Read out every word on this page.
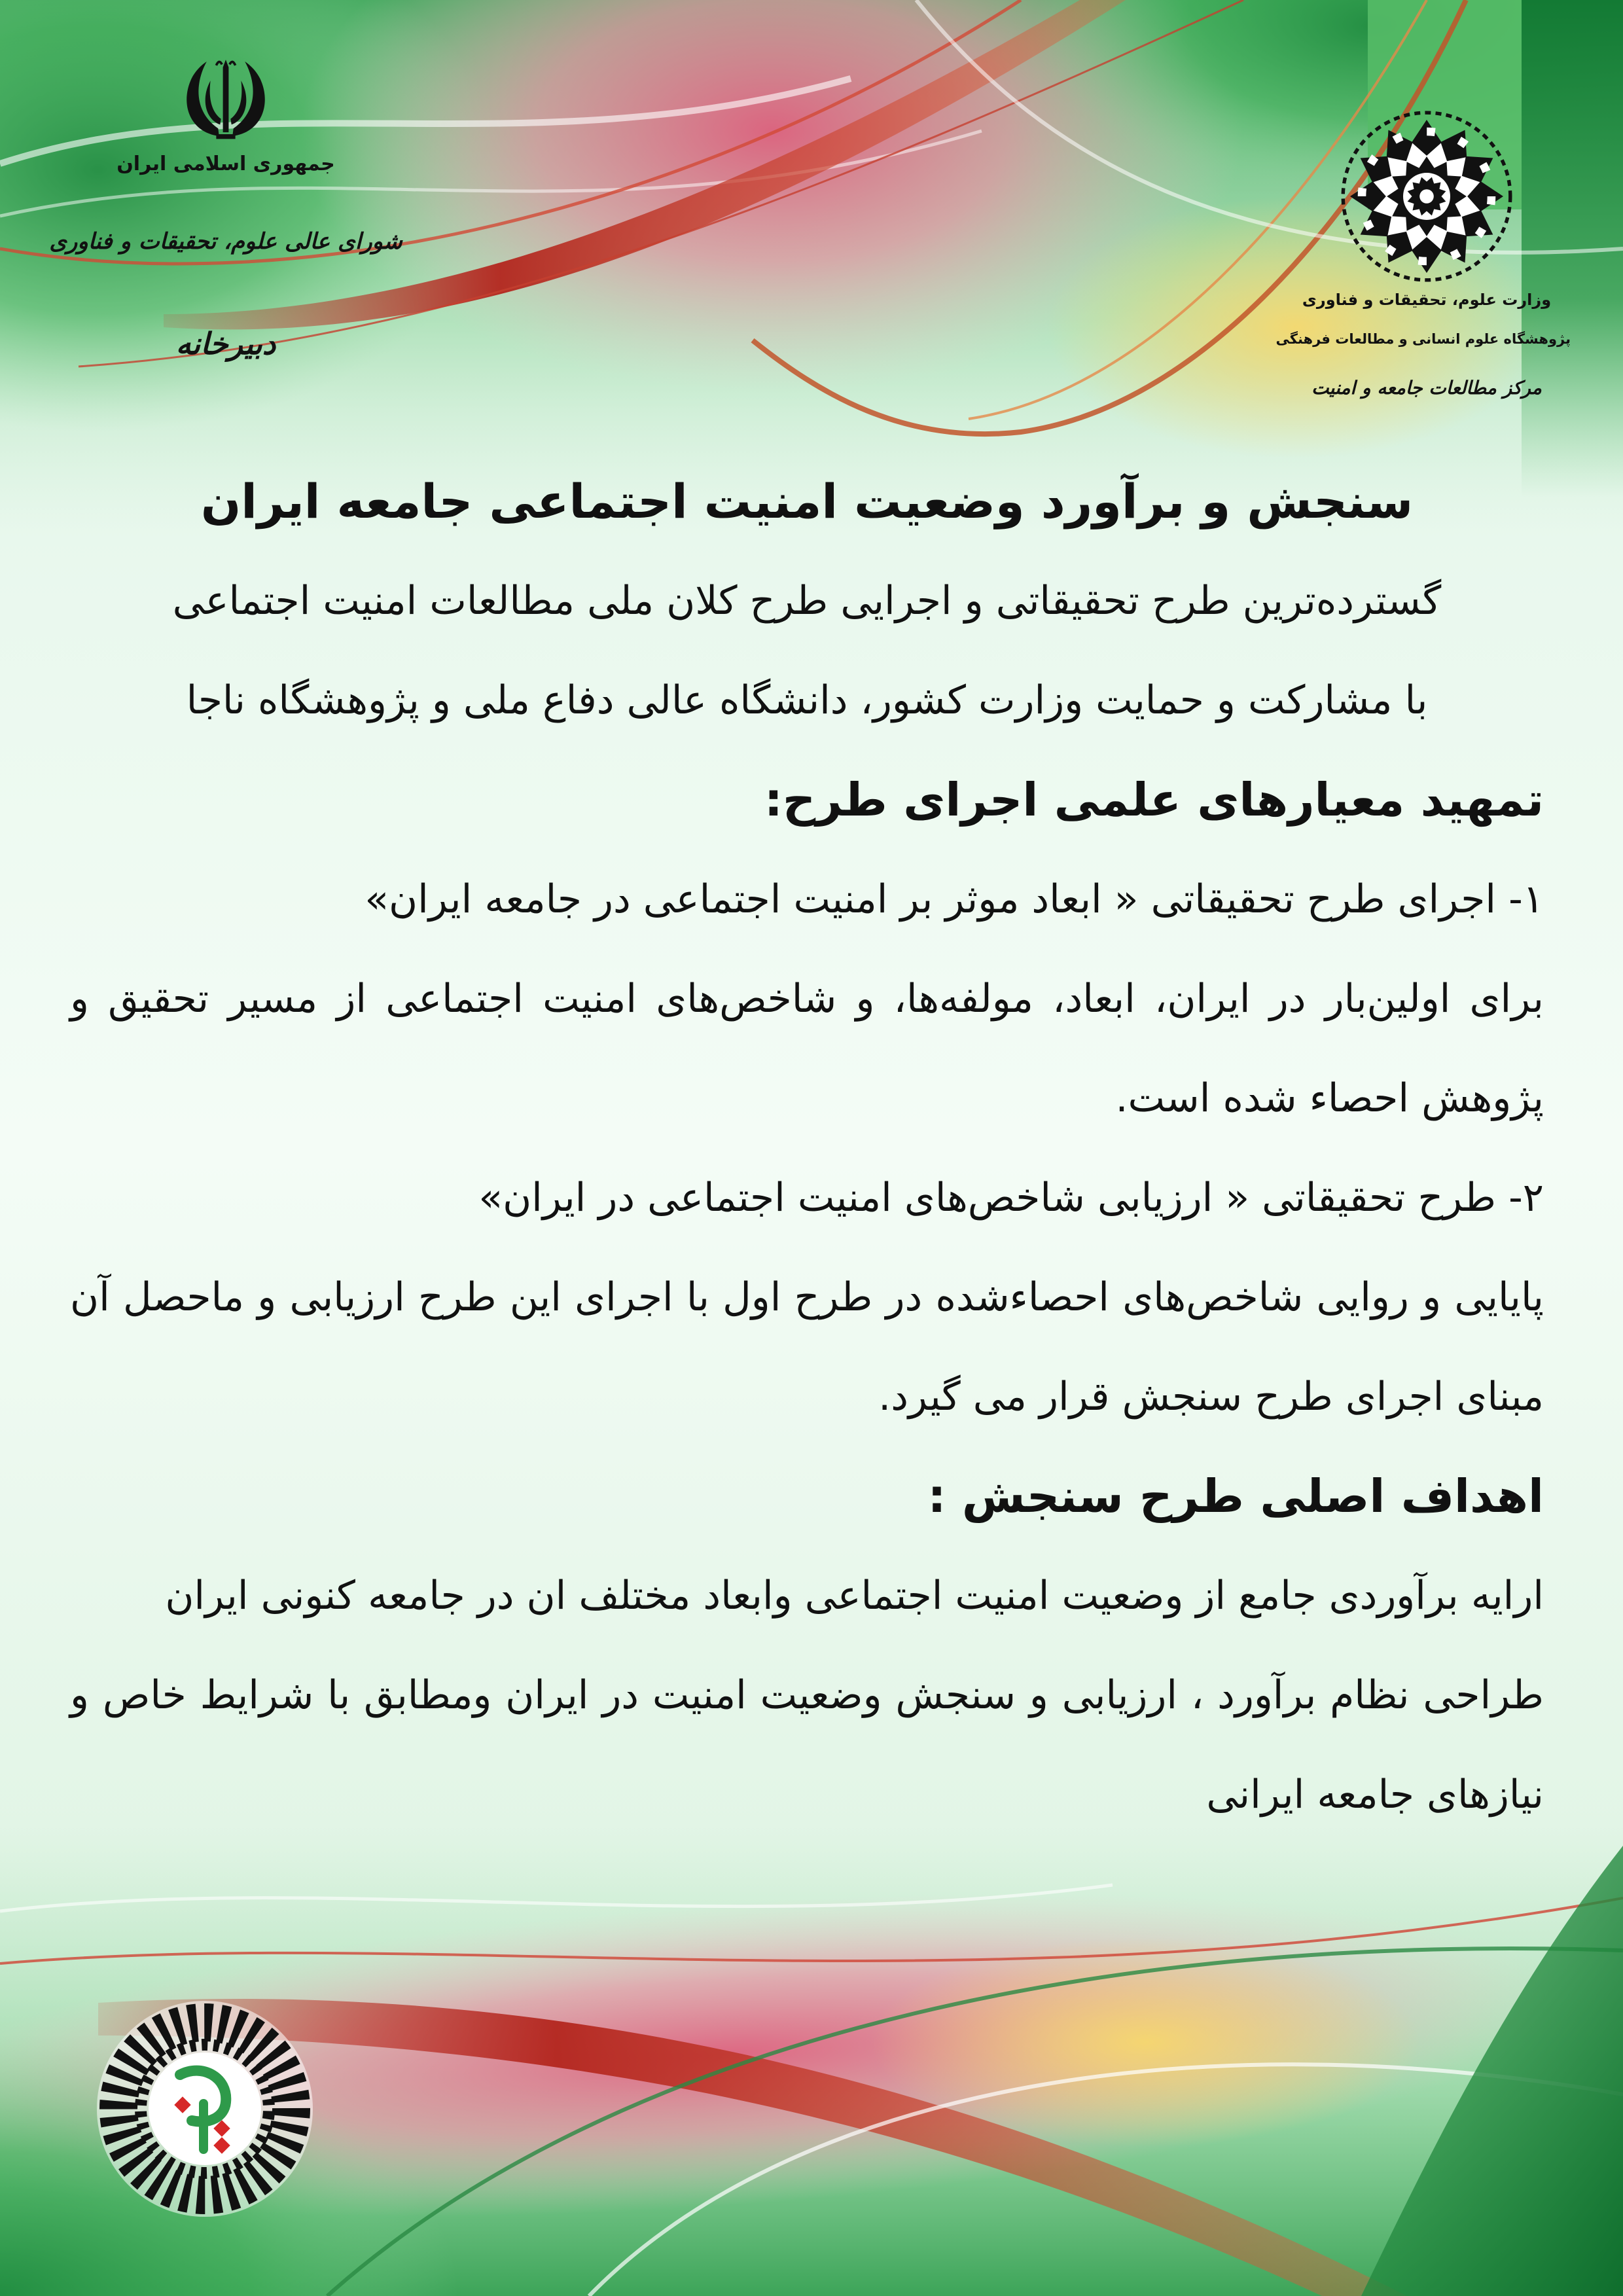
جمهوری اسلامی ایران
شورای عالی علوم، تحقیقات و فناوری
دبیرخانه
وزارت علوم، تحقیقات و فناوری
پژوهشگاه علوم انسانی و مطالعات فرهنگی
مرکز مطالعات جامعه و امنیت
سنجش و برآورد وضعیت امنیت اجتماعی جامعه ایران

گسترده‌ترین طرح تحقیقاتی و اجرایی طرح کلان ملی مطالعات امنیت اجتماعی

با مشارکت و حمایت وزارت کشور، دانشگاه عالی دفاع ملی و پژوهشگاه ناجا

تمهید معیارهای علمی اجرای طرح:

۱- اجرای طرح تحقیقاتی « ابعاد موثر بر امنیت اجتماعی در جامعه ایران»

برای اولین‌بار در ایران، ابعاد، مولفه‌ها، و شاخص‌های امنیت اجتماعی از مسیر تحقیق و پژوهش احصاء شده است.

۲- طرح تحقیقاتی « ارزیابی شاخص‌های امنیت اجتماعی در ایران»

پایایی و روایی شاخص‌های احصاءشده در طرح اول با اجرای این طرح ارزیابی و ماحصل آن مبنای اجرای طرح سنجش قرار می گیرد.

اهداف اصلی طرح سنجش :

ارایه برآوردی جامع از وضعیت امنیت اجتماعی وابعاد مختلف ان در جامعه کنونی ایران

طراحی نظام برآورد ، ارزیابی و سنجش وضعیت امنیت در ایران ومطابق با شرایط خاص و نیازهای جامعه ایرانی
